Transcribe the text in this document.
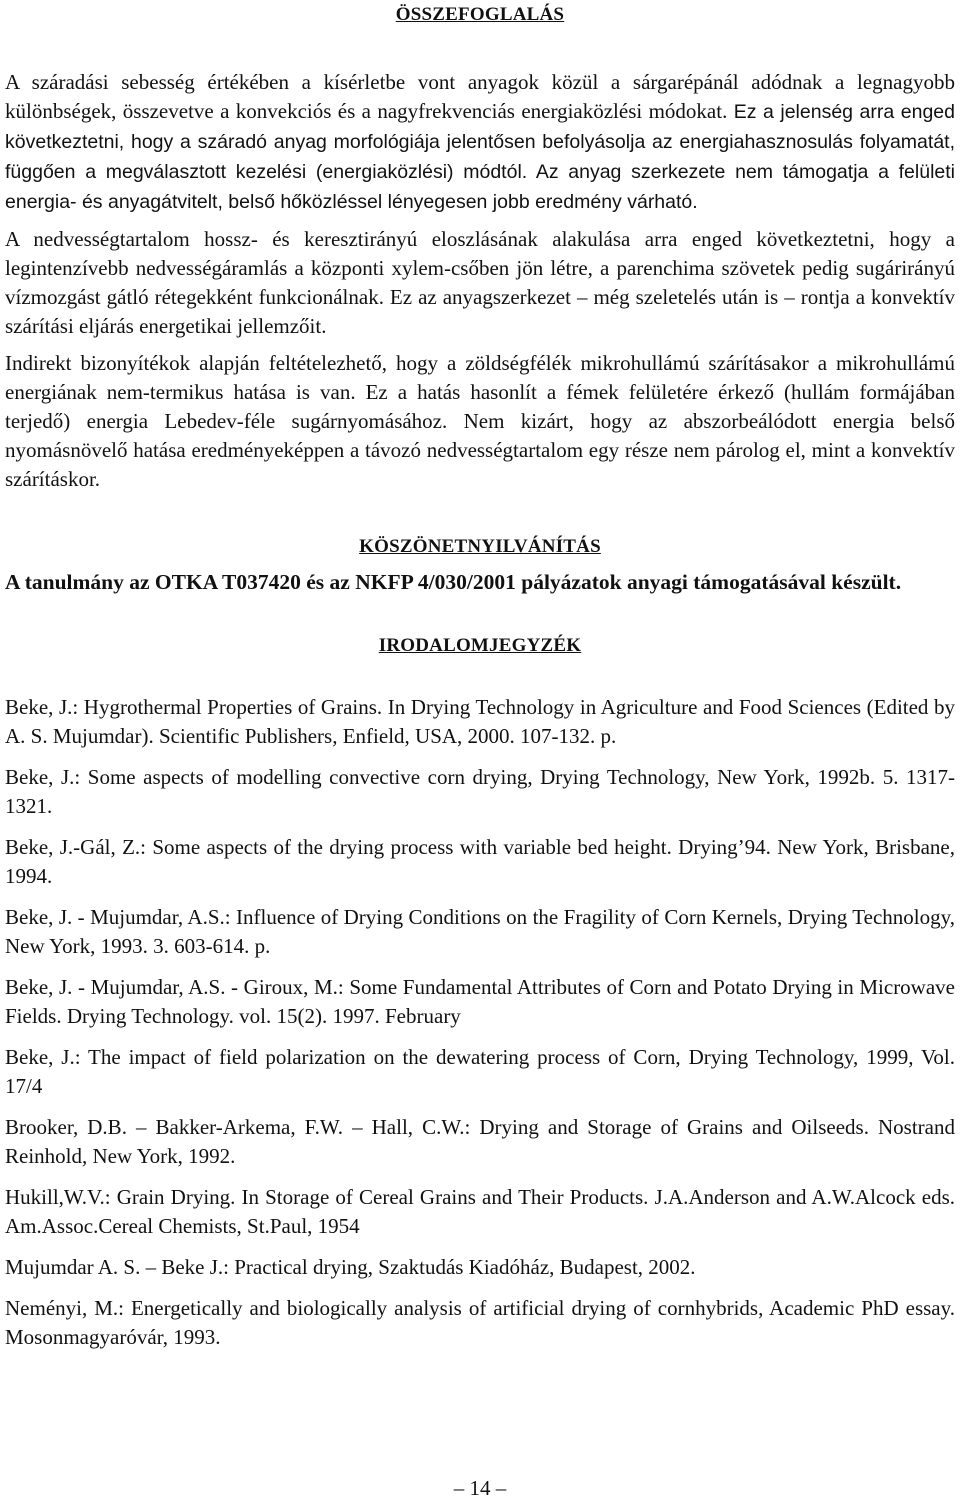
ÖSSZEFOGLALÁS

A száradási sebesség értékében a kísérletbe vont anyagok közül a sárgarépánál adódnak a legnagyobb különbségek, összevetve a konvekciós és a nagyfrekvenciás energiaközlési módokat. Ez a jelenség arra enged következtetni, hogy a száradó anyag morfológiája jelentősen befolyásolja az energiahasznosulás folyamatát, függően a megválasztott kezelési (energiaközlési) módtól. Az anyag szerkezete nem támogatja a felületi energia- és anyagátvitelt, belső hőközléssel lényegesen jobb eredmény várható.

A nedvességtartalom hossz- és keresztirányú eloszlásának alakulása arra enged következtetni, hogy a legintenzívebb nedvességáramlás a központi xylem-csőben jön létre, a parenchima szövetek pedig sugárirányú vízmozgást gátló rétegekként funkcionálnak. Ez az anyagszerkezet – még szeletelés után is – rontja a konvektív szárítási eljárás energetikai jellemzőit.

Indirekt bizonyítékok alapján feltételezhető, hogy a zöldségfélék mikrohullámú szárításakor a mikrohullámú energiának nem-termikus hatása is van. Ez a hatás hasonlít a fémek felületére érkező (hullám formájában terjedő) energia Lebedev-féle sugárnyomásához. Nem kizárt, hogy az abszorbeálódott energia belső nyomásnövelő hatása eredményeképpen a távozó nedvességtartalom egy része nem párolog el, mint a konvektív szárításkor.

KÖSZÖNETNYILVÁNÍTÁS

A tanulmány az OTKA T037420 és az NKFP 4/030/2001 pályázatok anyagi támogatásával készült.

IRODALOMJEGYZÉK

Beke, J.: Hygrothermal Properties of Grains. In Drying Technology in Agriculture and Food Sciences (Edited by A. S. Mujumdar). Scientific Publishers, Enfield, USA, 2000. 107-132. p.

Beke, J.: Some aspects of modelling convective corn drying, Drying Technology, New York, 1992b. 5. 1317-1321.

Beke, J.-Gál, Z.: Some aspects of the drying process with variable bed height. Drying’94. New York, Brisbane, 1994.

Beke, J. - Mujumdar, A.S.: Influence of Drying Conditions on the Fragility of Corn Kernels, Drying Technology, New York, 1993. 3. 603-614. p.

Beke, J. - Mujumdar, A.S. - Giroux, M.: Some Fundamental Attributes of Corn and Potato Drying in Microwave Fields. Drying Technology. vol. 15(2). 1997. February

Beke, J.: The impact of field polarization on the dewatering process of Corn, Drying Technology, 1999, Vol. 17/4

Brooker, D.B. – Bakker-Arkema, F.W. – Hall, C.W.: Drying and Storage of Grains and Oilseeds. Nostrand Reinhold, New York, 1992.

Hukill,W.V.: Grain Drying. In Storage of Cereal Grains and Their Products. J.A.Anderson and A.W.Alcock eds. Am.Assoc.Cereal Chemists, St.Paul, 1954

Mujumdar A. S. – Beke J.: Practical drying, Szaktudás Kiadóház, Budapest, 2002.

Neményi, M.: Energetically and biologically analysis of artificial drying of cornhybrids, Academic PhD essay. Mosonmagyaróvár, 1993.

– 14 –
